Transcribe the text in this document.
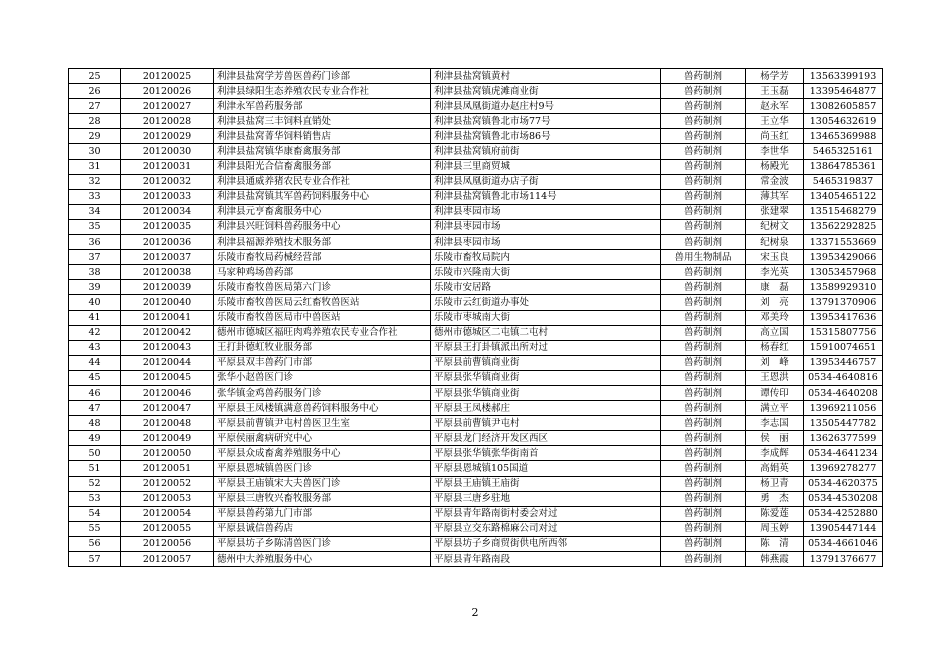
25	20120025	利津县盐窝学芳兽医兽药门诊部	利津县盐窝镇黄村	兽药制剂	杨学芳	13563399193
26	20120026	利津县绿阳生态养殖农民专业合作社	利津县盐窝镇虎滩商业街	兽药制剂	王玉磊	13395464877
27	20120027	利津永军兽药服务部	利津县凤凰街道办赵庄村9号	兽药制剂	赵永军	13082605857
28	20120028	利津县盐窝三丰饲料直销处	利津县盐窝镇鲁北市场77号	兽药制剂	王立华	13054632619
29	20120029	利津县盐窝菁华饲料销售店	利津县盐窝镇鲁北市场86号	兽药制剂	尚玉红	13465369988
30	20120030	利津县盐窝镇华康畜禽服务部	利津县盐窝镇府前街	兽药制剂	李世华	5465325161
31	20120031	利津县阳光合信畜禽服务部	利津县三里商贸城	兽药制剂	杨殿光	13864785361
32	20120032	利津县通威养猪农民专业合作社	利津县凤凰街道办店子街	兽药制剂	常金波	5465319837
33	20120033	利津县盐窝镇其军兽药饲料服务中心	利津县盐窝镇鲁北市场114号	兽药制剂	薄其军	13405465122
34	20120034	利津县元亨畜禽服务中心	利津县枣园市场	兽药制剂	张建翠	13515468279
35	20120035	利津县兴旺饲料兽药服务中心	利津县枣园市场	兽药制剂	纪树文	13562292825
36	20120036	利津县福源养殖技术服务部	利津县枣园市场	兽药制剂	纪树泉	13371553669
37	20120037	乐陵市畜牧局药械经营部	乐陵市畜牧局院内	兽用生物制品	宋玉良	13953429066
38	20120038	马家种鸡场兽药部	乐陵市兴隆南大街	兽药制剂	李光英	13053457968
39	20120039	乐陵市畜牧兽医局第六门诊	乐陵市安居路	兽药制剂	康　磊	13589929310
40	20120040	乐陵市畜牧兽医局云红畜牧兽医站	乐陵市云红街道办事处	兽药制剂	刘　亮	13791370906
41	20120041	乐陵市畜牧兽医局市中兽医站	乐陵市枣城南大街	兽药制剂	邓美玲	13953417636
42	20120042	德州市德城区福旺肉鸡养殖农民专业合作社	德州市德城区二屯镇二屯村	兽药制剂	高立国	15315807756
43	20120043	王打卦德虹牧业服务部	平原县王打卦镇派出所对过	兽药制剂	杨春红	15910074651
44	20120044	平原县双丰兽药门市部	平原县前曹镇商业街	兽药制剂	刘　峰	13953446757
45	20120045	张华小赵兽医门诊	平原县张华镇商业街	兽药制剂	王恩洪	0534-4640816
46	20120046	张华镇金鸡兽药服务门诊	平原县张华镇商业街	兽药制剂	谭传印	0534-4640208
47	20120047	平原县王凤楼镇满意兽药饲料服务中心	平原县王凤楼郝庄	兽药制剂	满立平	13969211056
48	20120048	平原县前曹镇尹屯村兽医卫生室	平原县前曹镇尹屯村	兽药制剂	李志国	13505447782
49	20120049	平原侯丽禽病研究中心	平原县龙门经济开发区西区	兽药制剂	侯　丽	13626377599
50	20120050	平原县众成畜禽养殖服务中心	平原县张华镇张华街南首	兽药制剂	李成辉	0534-4641234
51	20120051	平原县恩城镇兽医门诊	平原县恩城镇105国道	兽药制剂	高娟英	13969278277
52	20120052	平原县王庙镇宋大夫兽医门诊	平原县王庙镇王庙街	兽药制剂	杨卫青	0534-4620375
53	20120053	平原县三唐牧兴畜牧服务部	平原县三唐乡驻地	兽药制剂	勇　杰	0534-4530208
54	20120054	平原县兽药第九门市部	平原县青年路南街村委会对过	兽药制剂	陈爱莲	0534-4252880
55	20120055	平原县诚信兽药店	平原县立交东路棉麻公司对过	兽药制剂	周玉婷	13905447144
56	20120056	平原县坊子乡陈清兽医门诊	平原县坊子乡商贸街供电所西邻	兽药制剂	陈　清	0534-4661046
57	20120057	德州中大养殖服务中心	平原县青年路南段	兽药制剂	韩燕霞	13791376677
2
